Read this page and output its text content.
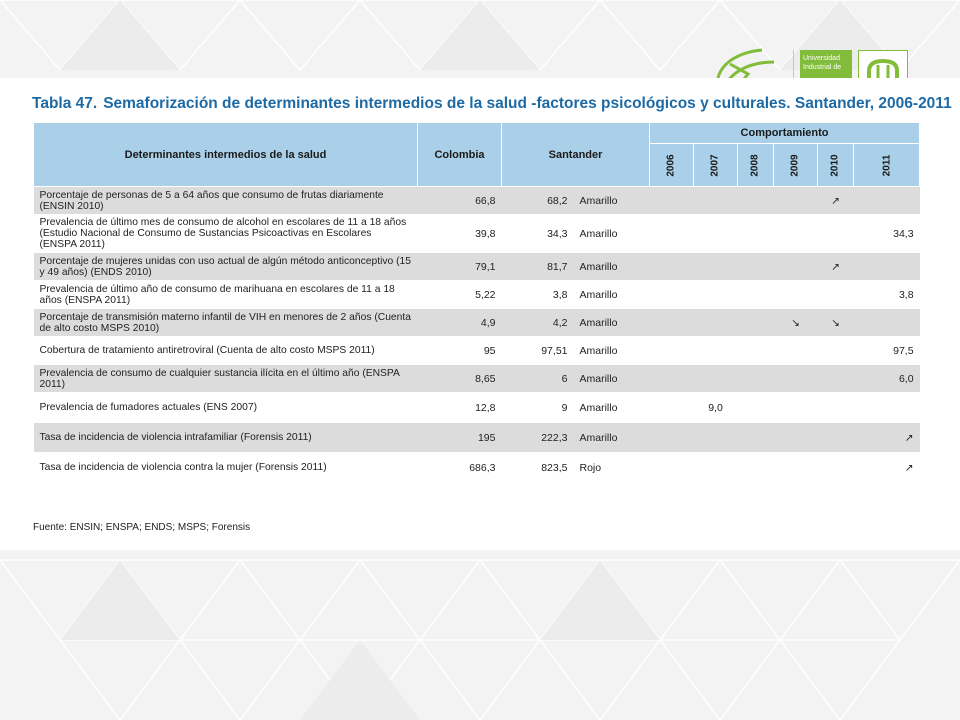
Universidad
Industrial de
Tabla 47. Semaforización de determinantes intermedios de la salud -factores psicológicos y culturales. Santander, 2006-2011
Determinantes intermedios de la salud	Colombia	Santander		Comportamiento					
				2006	2007	2008	2009	2010	2011
Porcentaje de personas de 5 a 64 años que consumo de frutas diariamente (ENSIN 2010)	66,8	68,2	Amarillo					↗	
Prevalencia de último mes de consumo de alcohol en escolares de 11 a 18 años (Estudio Nacional de Consumo de Sustancias Psicoactivas en Escolares (ENSPA 2011)	39,8	34,3	Amarillo						34,3
Porcentaje de mujeres unidas con uso actual de algún método anticonceptivo (15 y 49 años) (ENDS 2010)	79,1	81,7	Amarillo					↗	
Prevalencia de último año de consumo de marihuana en escolares de 11 a 18 años (ENSPA 2011)	5,22	3,8	Amarillo						3,8
Porcentaje de transmisión materno infantil de VIH en menores de 2 años (Cuenta de alto costo MSPS 2010)	4,9	4,2	Amarillo				↘	↘	
Cobertura de tratamiento antiretroviral (Cuenta de alto costo MSPS 2011)	95	97,51	Amarillo						97,5
Prevalencia de consumo de cualquier sustancia ilícita en el último año (ENSPA 2011)	8,65	6	Amarillo						6,0
Prevalencia de fumadores actuales (ENS 2007)	12,8	9	Amarillo		9,0				
Tasa de incidencia de violencia intrafamiliar (Forensis 2011)	195	222,3	Amarillo						↗
Tasa de incidencia de violencia contra la mujer (Forensis 2011)	686,3	823,5	Rojo						↗
Fuente: ENSIN; ENSPA; ENDS; MSPS; Forensis
